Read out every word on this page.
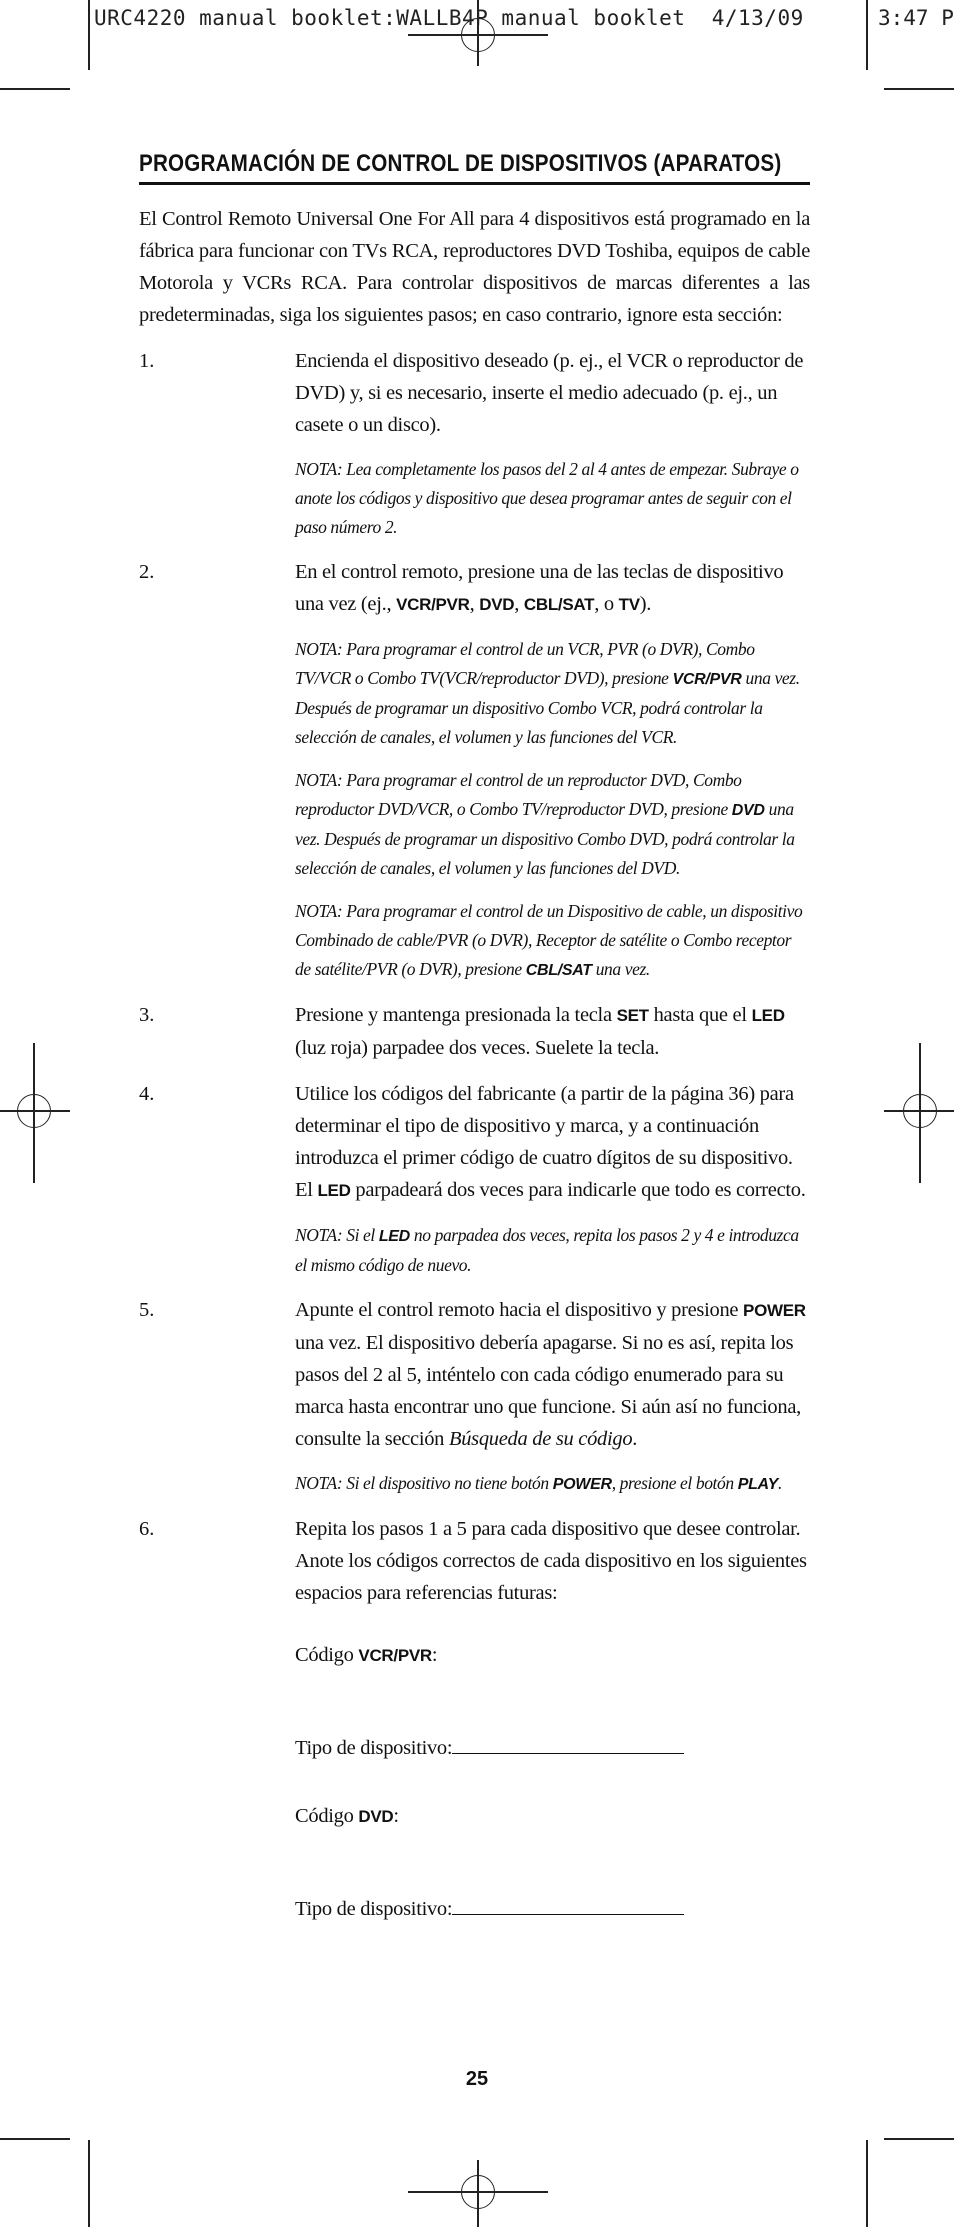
URC4220 manual booklet:WALLB4P manual booklet  4/13/09	3:47 P
PROGRAMACIÓN DE CONTROL DE DISPOSITIVOS (APARATOS)

El Control Remoto Universal One For All para 4 dispositivos está programado en la fábrica para funcionar con TVs RCA, reproductores DVD Toshiba, equipos de cable Motorola y VCRs RCA. Para controlar dispositivos de marcas diferentes a las predeterminadas, siga los siguientes pasos; en caso contrario, ignore esta sección:

1.	Encienda el dispositivo deseado (p. ej., el VCR o reproductor de DVD) y, si es necesario, inserte el medio adecuado (p. ej., un casete o un disco).
NOTA: Lea completamente los pasos del 2 al 4 antes de empezar. Subraye o anote los códigos y dispositivo que desea programar antes de seguir con el paso número 2.
2.	En el control remoto, presione una de las teclas de dispositivo una vez (ej., VCR/PVR, DVD, CBL/SAT, o TV).
NOTA: Para programar el control de un VCR, PVR (o DVR), Combo TV/VCR o Combo TV(VCR/reproductor DVD), presione VCR/PVR una vez. Después de programar un dispositivo Combo VCR, podrá controlar la selección de canales, el volumen y las funciones del VCR.
NOTA: Para programar el control de un reproductor DVD, Combo reproductor DVD/VCR, o Combo TV/reproductor DVD, presione DVD una vez. Después de programar un dispositivo Combo DVD, podrá controlar la selección de canales, el volumen y las funciones del DVD.
NOTA: Para programar el control de un Dispositivo de cable, un dispositivo Combinado de cable/PVR (o DVR), Receptor de satélite o Combo receptor de satélite/PVR (o DVR), presione CBL/SAT una vez.
3.	Presione y mantenga presionada la tecla SET hasta que el LED (luz roja) parpadee dos veces. Suelete la tecla.
4.	Utilice los códigos del fabricante (a partir de la página 36) para determinar el tipo de dispositivo y marca, y a continuación introduzca el primer código de cuatro dígitos de su dispositivo. El LED parpadeará dos veces para indicarle que todo es correcto.
NOTA: Si el LED no parpadea dos veces, repita los pasos 2 y 4 e introduzca el mismo código de nuevo.
5.	Apunte el control remoto hacia el dispositivo y presione POWER una vez. El dispositivo debería apagarse. Si no es así, repita los pasos del 2 al 5, inténtelo con cada código enumerado para su marca hasta encontrar uno que funcione. Si aún así no funciona, consulte la sección Búsqueda de su código.
NOTA: Si el dispositivo no tiene botón POWER, presione el botón PLAY.
6.	Repita los pasos 1 a 5 para cada dispositivo que desee controlar. Anote los códigos correctos de cada dispositivo en los siguientes espacios para referencias futuras:
Código VCR/PVR:
Tipo de dispositivo:
Código DVD:
Tipo de dispositivo:
25
